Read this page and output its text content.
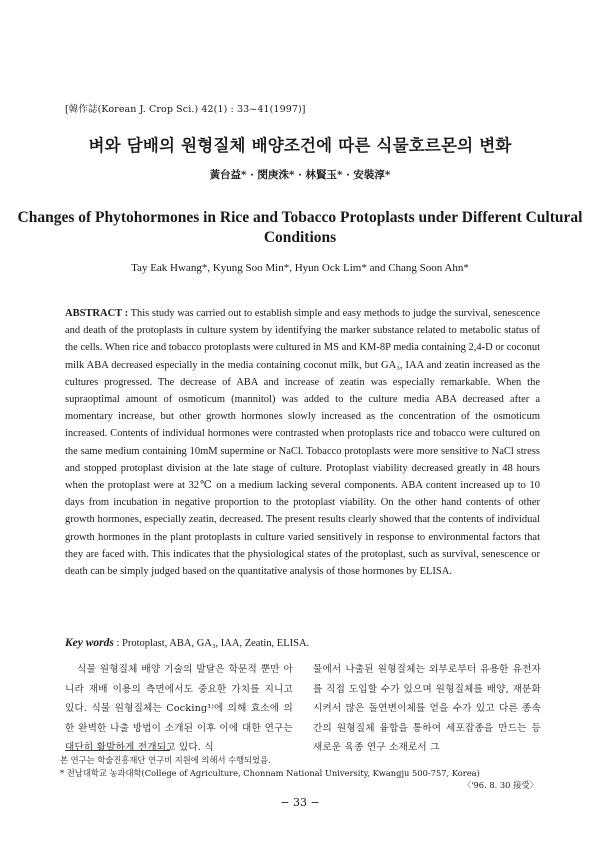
[韓作誌(Korean J. Crop Sci.) 42(1) : 33~41(1997)]
벼와 담배의 원형질체 배양조건에 따른 식물호르몬의 변화
黃台益* · 閔庚洙* · 林賢玉* · 安裝淳*
Changes of Phytohormones in Rice and Tobacco Protoplasts under Different Cultural Conditions
Tay Eak Hwang*, Kyung Soo Min*, Hyun Ock Lim* and Chang Soon Ahn*
ABSTRACT : This study was carried out to establish simple and easy methods to judge the survival, senescence and death of the protoplasts in culture system by identifying the marker substance related to metabolic status of the cells. When rice and tobacco protoplasts were cultured in MS and KM-8P media containing 2,4-D or coconut milk ABA decreased especially in the media containing coconut milk, but GA₃, IAA and zeatin increased as the cultures progressed. The decrease of ABA and increase of zeatin was especially remarkable. When the supraoptimal amount of osmoticum (mannitol) was added to the culture media ABA decreased after a momentary increase, but other growth hormones slowly increased as the concentration of the osmoticum increased. Contents of individual hormones were contrasted when protoplasts rice and tobacco were cultured on the same medium containing 10mM supermine or NaCl. Tobacco protoplasts were more sensitive to NaCl stress and stopped protoplast division at the late stage of culture. Protoplast viability decreased greatly in 48 hours when the protoplast were at 32℃ on a medium lacking several components. ABA content increased up to 10 days from incubation in negative proportion to the protoplast viability. On the other hand contents of other growth hormones, especially zeatin, decreased. The present results clearly showed that the contents of individual growth hormones in the plant protoplasts in culture varied sensitively in response to environmental factors that they are faced with. This indicates that the physiological states of the protoplast, such as survival, senescence or death can be simply judged based on the quantitative analysis of those hormones by ELISA.
Key words : Protoplast, ABA, GA₃, IAA, Zeatin, ELISA.
식물 원형질체 배양 기술의 발달은 학문적 뿐만 아니라 재배 이용의 측면에서도 중요한 가치를 지니고 있다. 식물 원형질체는 Cocking¹⁾에 의해 효소에 의한 완벽한 나출 방법이 소개된 이후 이에 대한 연구는 대단히 활발하게 전개되고 있다. 식
물에서 나출된 원형질체는 외부로부터 유용한 유전자를 직접 도입할 수가 있으며 원형질체를 배양, 재분화시켜서 많은 돌연변이체를 얻을 수가 있고 다른 종속간의 원형질체 융합을 통하여 세포잡종을 만드는 등 새로운 육종 연구 소재로서 그
본 연구는 학술진흥재단 연구비 지원에 의해서 수행되었음.
* 전남대학교 농과대학(College of Agriculture, Chonnam National University, Kwangju 500-757, Korea)
〈'96. 8. 30 接受〉
− 33 −
